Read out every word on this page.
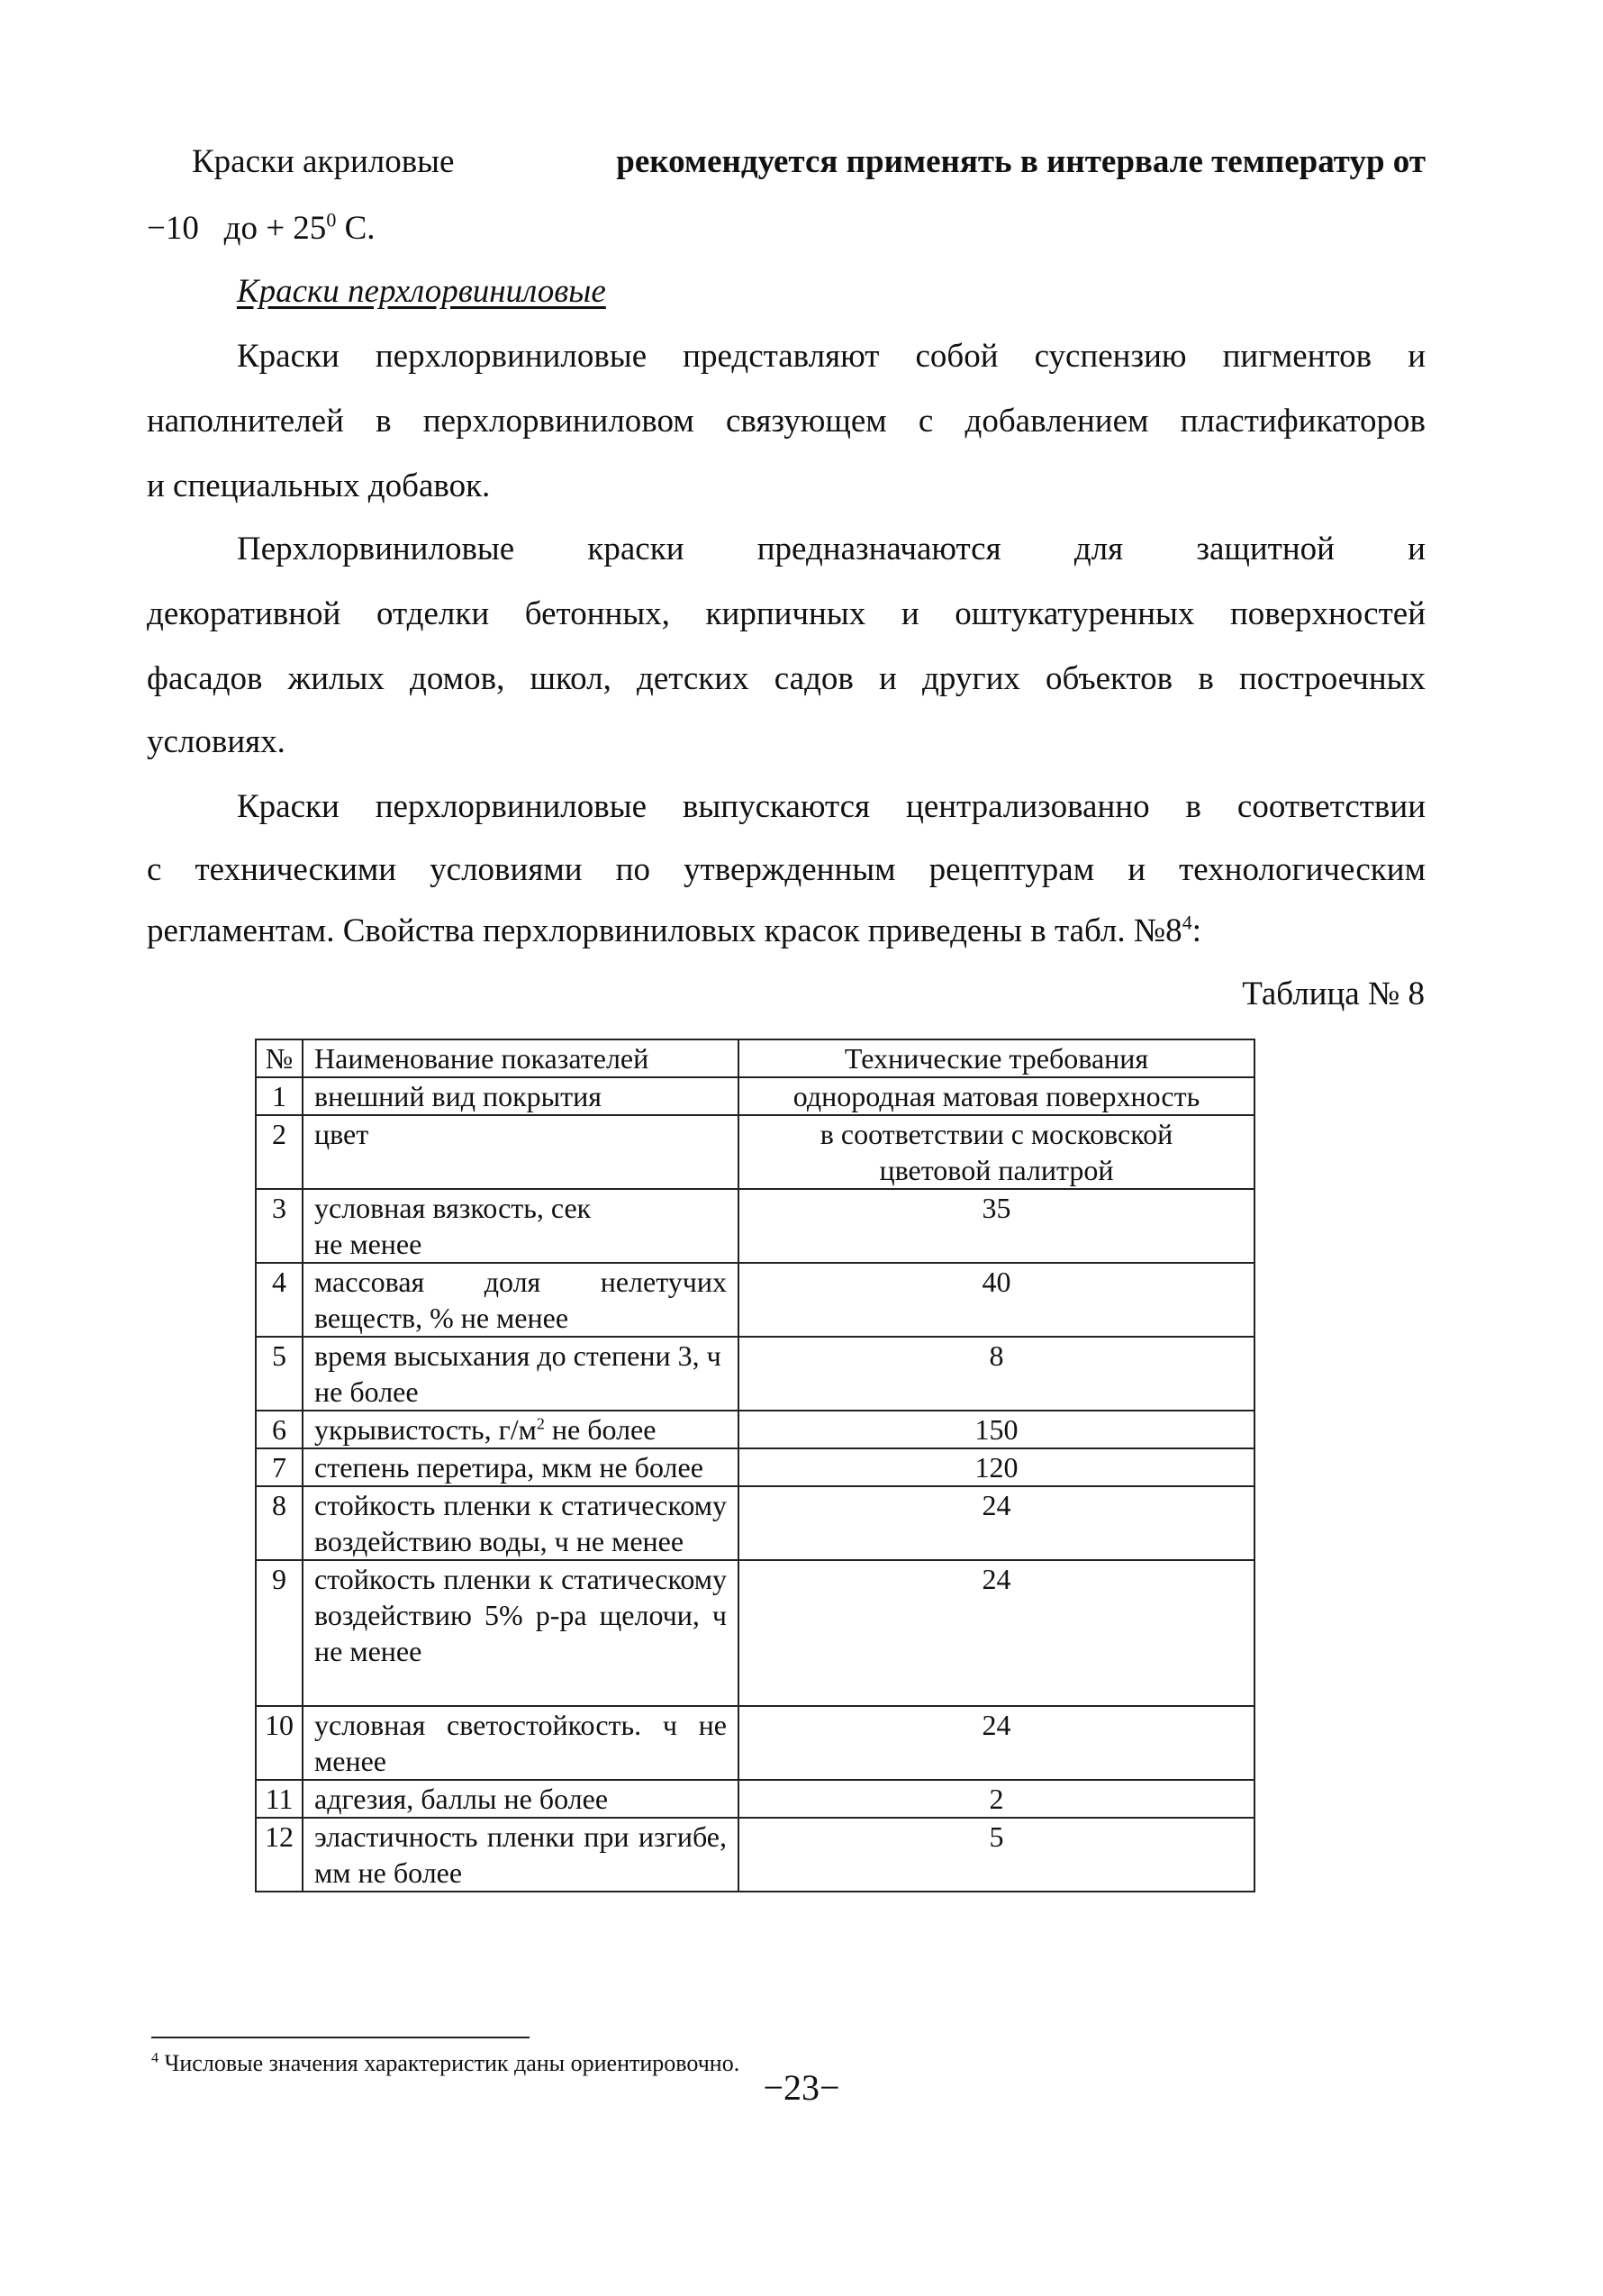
Краски акриловые	рекомендуется применять в интервале температур от
−10   до + $25^0$ С.
Краски перхлорвиниловые
Краски перхлорвиниловые представляют собой суспензию пигментов и
наполнителей в перхлорвиниловом связующем с добавлением пластификаторов
и специальных добавок.
Перхлорвиниловые краски предназначаются для защитной и
декоративной отделки бетонных, кирпичных и оштукатуренных поверхностей
фасадов жилых домов, школ, детских садов и других объектов в построечных
условиях.
Краски перхлорвиниловые выпускаются централизованно в соответствии
с техническими условиями по утвержденным рецептурам и технологическим
регламентам. Свойства перхлорвиниловых красок приведены в табл. $№8^4$:
Таблица № 8
№	Наименование показателей	Технические требования
1	внешний вид покрытия	однородная матовая поверхность
2	цвет	в соответствии с московской цветовой палитрой
3	условная вязкость, сек не менее	35
4	массовая доля нелетучих веществ, % не менее	40
5	время высыхания до степени 3, ч не более	8
6	укрывистость, $г/м^2$ не более	150
7	степень перетира, мкм не более	120
8	стойкость пленки к статическому воздействию воды, ч не менее	24
9	стойкость пленки к статическому воздействию 5% р-ра щелочи, ч не менее	24
10	условная светостойкость. ч не менее	24
11	адгезия, баллы не более	2
12	эластичность пленки при изгибе, мм не более	5
$^4$ Числовые значения характеристик даны ориентировочно.
−23−
